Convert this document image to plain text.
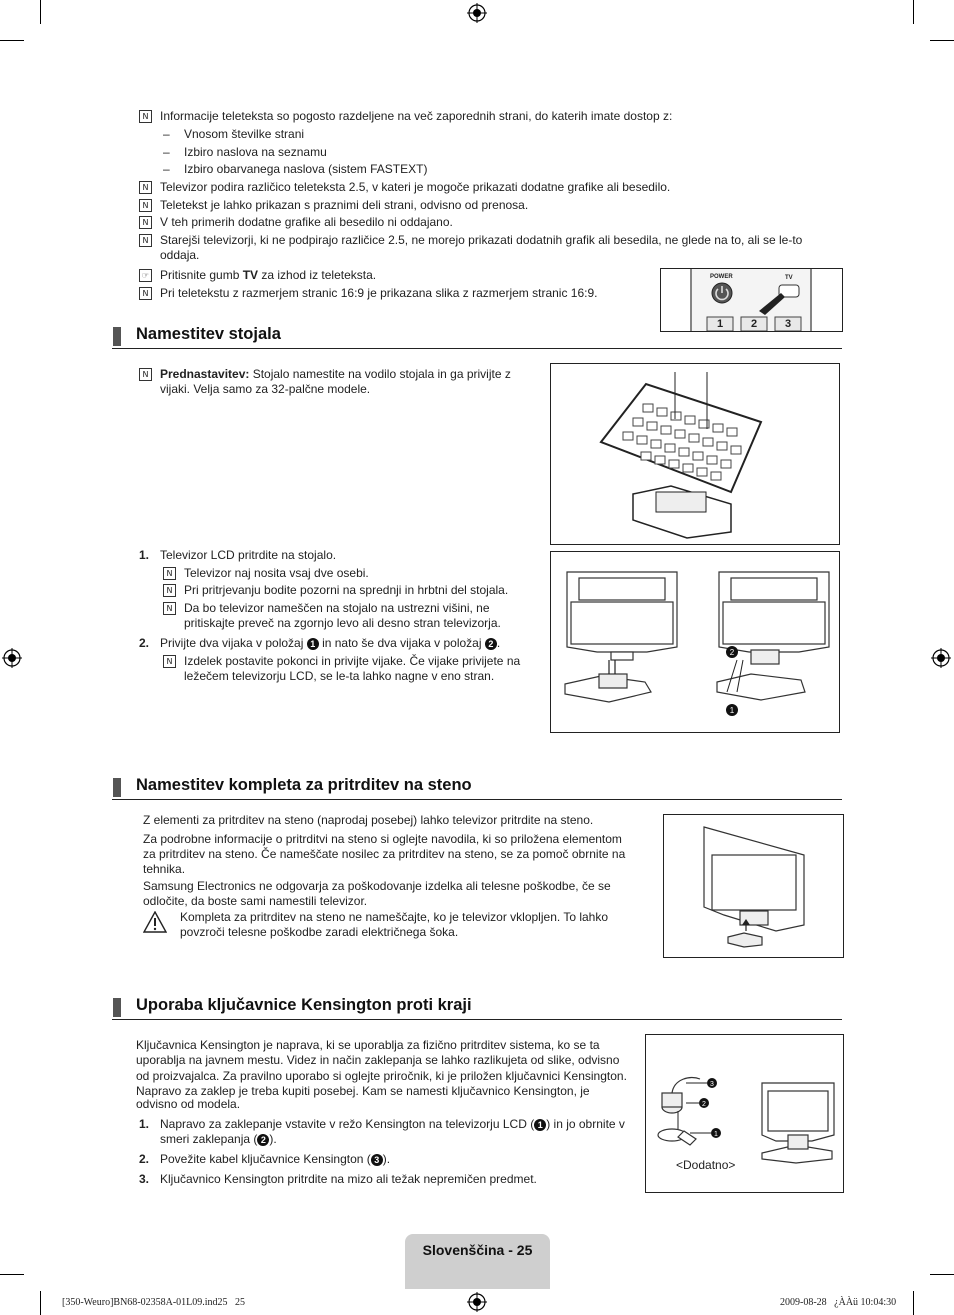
N Informacije teleteksta so pogosto razdeljene na več zaporednih strani, do katerih imate dostop z:
– Vnosom številke strani
– Izbiro naslova na seznamu
– Izbiro obarvanega naslova (sistem FASTEXT)
N Televizor podira različico teleteksta 2.5, v kateri je mogoče prikazati dodatne grafike ali besedilo.
N Teletekst je lahko prikazan s praznimi deli strani, odvisno od prenosa.
N V teh primerih dodatne grafike ali besedilo ni oddajano.
N Starejši televizorji, ki ne podpirajo različice 2.5, ne morejo prikazati dodatnih grafik ali besedila, ne glede na to, ali se le-to
oddaja.
☞ Pritisnite gumb TV za izhod iz teleteksta.
N Pri teletekstu z razmerjem stranic 16:9 je prikazana slika z razmerjem stranic 16:9.
POWER	TV
1	2	3
Namestitev stojala
N Prednastavitev: Stojalo namestite na vodilo stojala in ga privijte z
vijaki. Velja samo za 32-palčne modele.
1. Televizor LCD pritrdite na stojalo.
N Televizor naj nosita vsaj dve osebi.
N Pri pritrjevanju bodite pozorni na sprednji in hrbtni del stojala.
N Da bo televizor nameščen na stojalo na ustrezni višini, ne
pritiskajte preveč na zgornjo levo ali desno stran televizorja.
2. Privijte dva vijaka v položaj 1 in nato še dva vijaka v položaj 2 .
N Izdelek postavite pokonci in privijte vijake. Če vijake privijete na
ležečem televizorju LCD, se le-ta lahko nagne v eno stran.
2
1
Namestitev kompleta za pritrditev na steno
Z elementi za pritrditev na steno (naprodaj posebej) lahko televizor pritrdite na steno.
Za podrobne informacije o pritrditvi na steno si oglejte navodila, ki so priložena elementom
za pritrditev na steno. Če nameščate nosilec za pritrditev na steno, se za pomoč obrnite na
tehnika.
Samsung Electronics ne odgovarja za poškodovanje izdelka ali telesne poškodbe, če se
odločite, da boste sami namestili televizor.
Kompleta za pritrditev na steno ne nameščajte, ko je televizor vklopljen. To lahko
povzroči telesne poškodbe zaradi električnega šoka.
Uporaba ključavnice Kensington proti kraji
Ključavnica Kensington je naprava, ki se uporablja za fizično pritrditev sistema, ko se ta
uporablja na javnem mestu. Videz in način zaklepanja se lahko razlikujeta od slike, odvisno
od proizvajalca. Za pravilno uporabo si oglejte priročnik, ki je priložen ključavnici Kensington.
Napravo za zaklep je treba kupiti posebej. Kam se namesti ključavnico Kensington, je
odvisno od modela.
1. Napravo za zaklepanje vstavite v režo Kensington na televizorju LCD ( 1 ) in jo obrnite v
smeri zaklepanja ( 2 ).
2. Povežite kabel ključavnice Kensington ( 3 ).
3. Ključavnico Kensington pritrdite na mizo ali težak nepremičen predmet.
3
2
1
<Dodatno>
Slovenščina - 25
[350-Weuro]BN68-02358A-01L09.ind25   25	2009-08-28   ¿ÀÀü 10:04:30
